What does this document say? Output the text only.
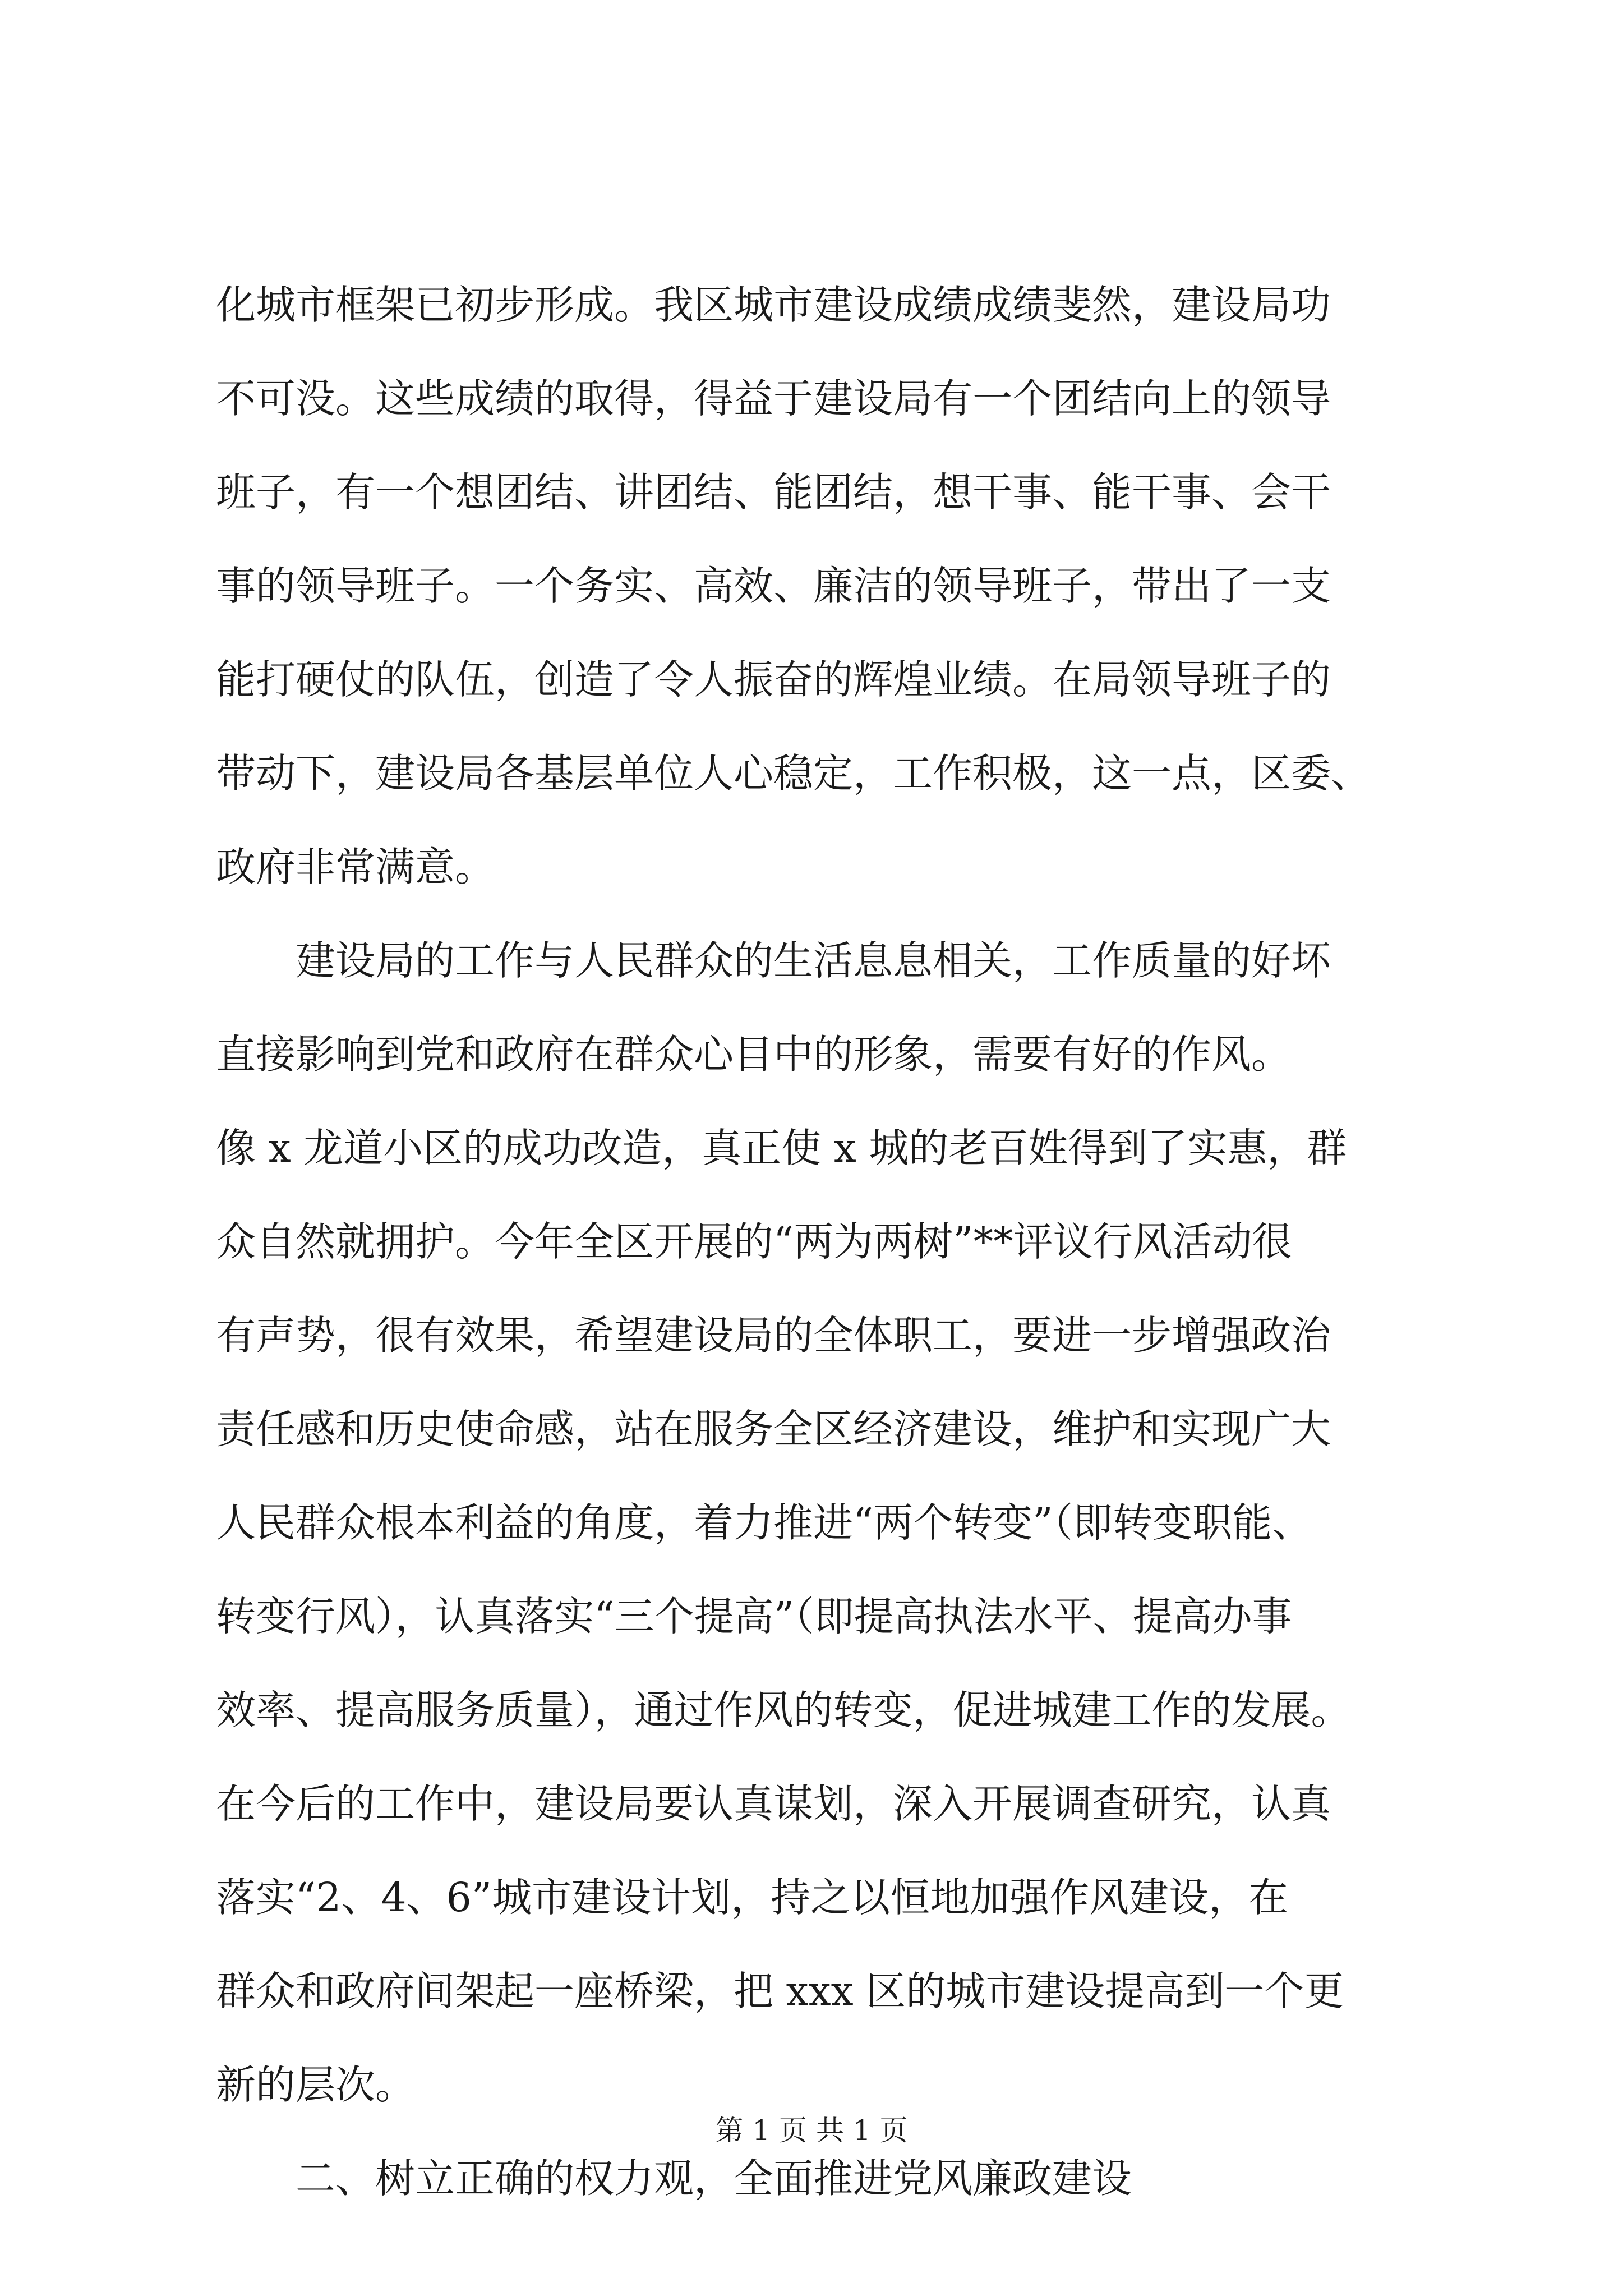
化城市框架已初步形成。我区城市建设成绩成绩斐然，建设局功
不可没。这些成绩的取得，得益于建设局有一个团结向上的领导
班子，有一个想团结、讲团结、能团结，想干事、能干事、会干
事的领导班子。一个务实、高效、廉洁的领导班子，带出了一支
能打硬仗的队伍，创造了令人振奋的辉煌业绩。在局领导班子的
带动下，建设局各基层单位人心稳定，工作积极，这一点，区委、
政府非常满意。

建设局的工作与人民群众的生活息息相关，工作质量的好坏
直接影响到党和政府在群众心目中的形象，需要有好的作风。
像 x 龙道小区的成功改造，真正使 x 城的老百姓得到了实惠，群
众自然就拥护。今年全区开展的“两为两树”**评议行风活动很
有声势，很有效果，希望建设局的全体职工，要进一步增强政治
责任感和历史使命感，站在服务全区经济建设，维护和实现广大
人民群众根本利益的角度，着力推进“两个转变”（即转变职能、
转变行风），认真落实“三个提高”（即提高执法水平、提高办事
效率、提高服务质量），通过作风的转变，促进城建工作的发展。
在今后的工作中，建设局要认真谋划，深入开展调查研究，认真
落实“2、4、6”城市建设计划，持之以恒地加强作风建设，在
群众和政府间架起一座桥梁，把 xxx 区的城市建设提高到一个更
新的层次。

二、树立正确的权力观，全面推进党风廉政建设

第 1 页 共 1 页
